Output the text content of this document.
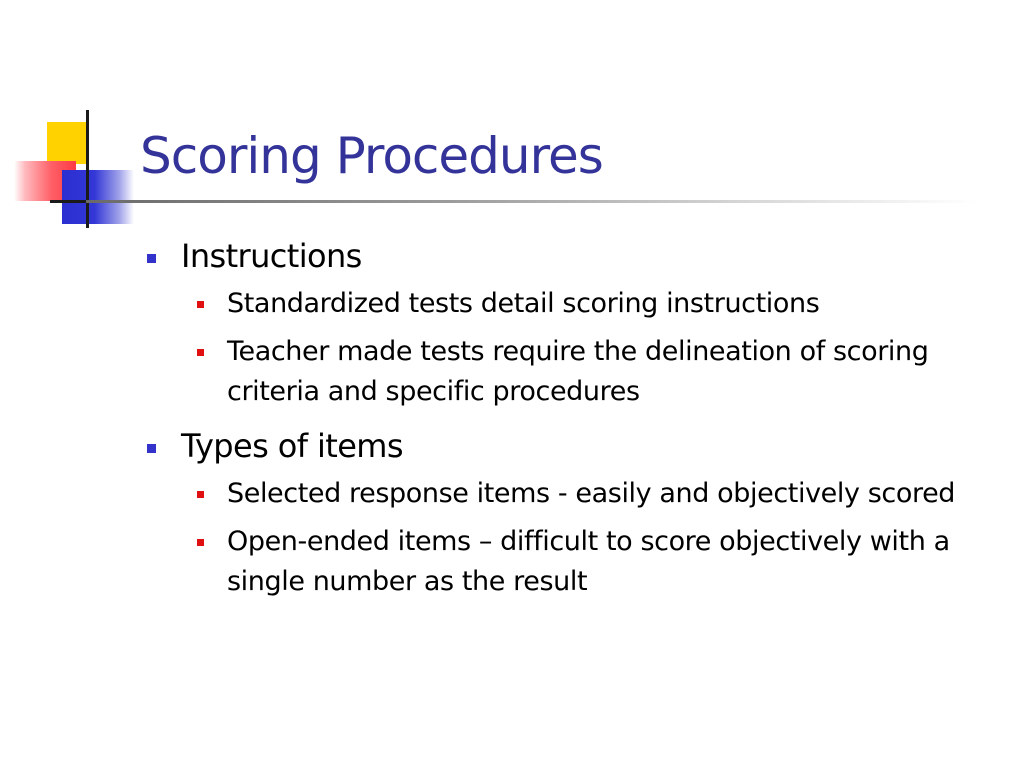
Scoring Procedures
Instructions
Standardized tests detail scoring instructions
Teacher made tests require the delineation of scoring criteria and specific procedures
Types of items
Selected response items - easily and objectively scored
Open-ended items – difficult to score objectively with a single number as the result
